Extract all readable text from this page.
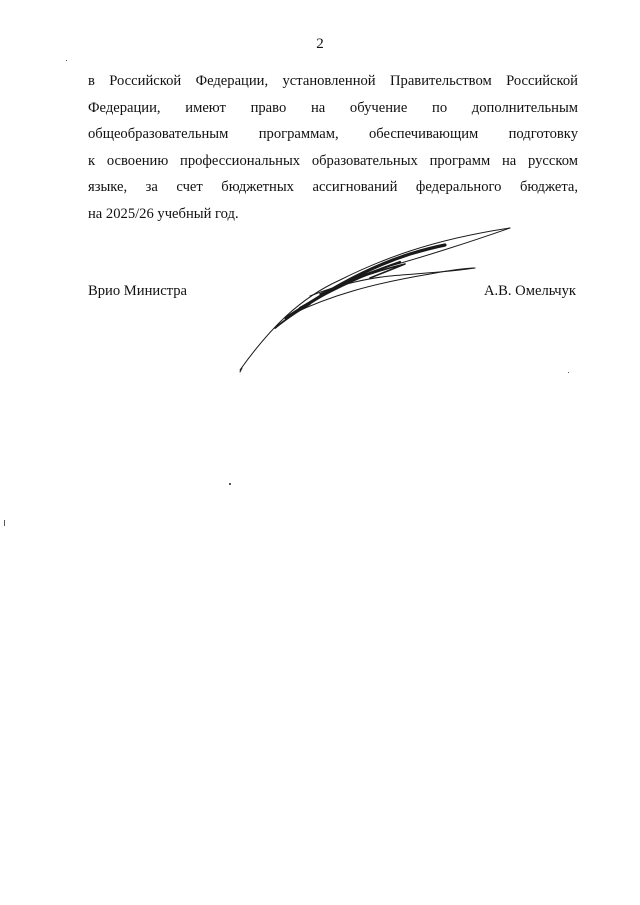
2
в Российской Федерации, установленной Правительством Российской
Федерации, имеют право на обучение по дополнительным
общеобразовательным программам, обеспечивающим подготовку
к освоению профессиональных образовательных программ на русском
языке, за счет бюджетных ассигнований федерального бюджета,
на 2025/26 учебный год.
Врио Министра	А.В. Омельчук
